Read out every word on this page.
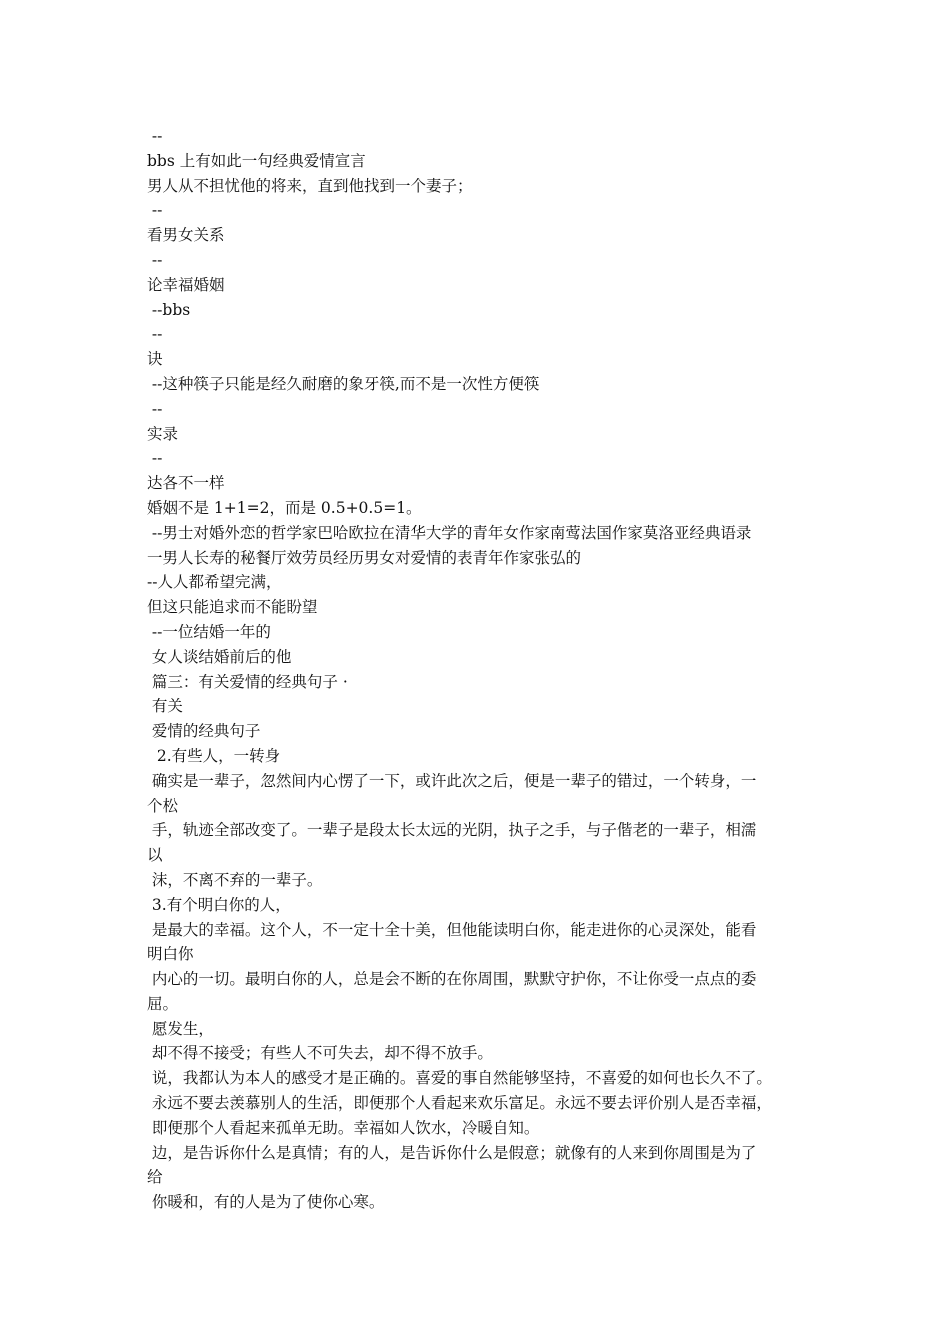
--
bbs 上有如此一句经典爱情宣言
男人从不担忧他的将来，直到他找到一个妻子；
--
看男女关系
--
论幸福婚姻
--bbs
--
诀
--这种筷子只能是经久耐磨的象牙筷,而不是一次性方便筷
--
实录
--
达各不一样
婚姻不是 1+1=2，而是 0.5+0.5=1。
--男士对婚外恋的哲学家巴哈欧拉在清华大学的青年女作家南莺法国作家莫洛亚经典语录
一男人长寿的秘餐厅效劳员经历男女对爱情的表青年作家张弘的
--人人都希望完满，
但这只能追求而不能盼望
--一位结婚一年的
女人谈结婚前后的他
篇三：有关爱情的经典句子 ·
有关
爱情的经典句子
2.有些人，一转身
确实是一辈子，忽然间内心愣了一下，或许此次之后，便是一辈子的错过，一个转身，一
个松
手，轨迹全部改变了。一辈子是段太长太远的光阴，执子之手，与子偕老的一辈子，相濡
以
沫，不离不弃的一辈子。
3.有个明白你的人，
是最大的幸福。这个人，不一定十全十美，但他能读明白你，能走进你的心灵深处，能看
明白你
内心的一切。最明白你的人，总是会不断的在你周围，默默守护你，不让你受一点点的委
屈。
愿发生，
却不得不接受；有些人不可失去，却不得不放手。
说，我都认为本人的感受才是正确的。喜爱的事自然能够坚持，不喜爱的如何也长久不了。
永远不要去羡慕别人的生活，即便那个人看起来欢乐富足。永远不要去评价别人是否幸福，
即便那个人看起来孤单无助。幸福如人饮水，冷暖自知。
边，是告诉你什么是真情；有的人，是告诉你什么是假意；就像有的人来到你周围是为了
给
你暖和，有的人是为了使你心寒。
